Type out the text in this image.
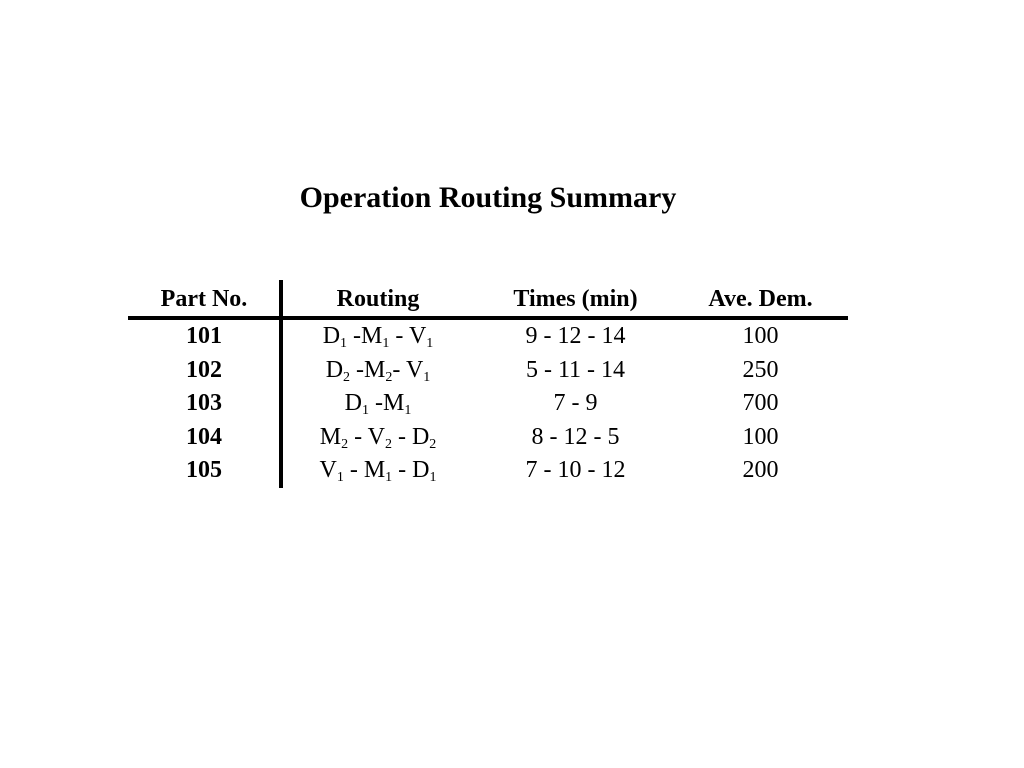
Operation Routing Summary
Part No.	Routing	Times (min)	Ave. Dem.
101	$D_1$ $-M_1 - V_1$	9 - 12 - 14	100
102	$D_2$ $-M_2-$ $V_1$	5 - 11 - 14	250
103	$D_1$ $-M_1$	7 - 9	700
104	$M_2 - V_2 - D_2$	8 - 12 - 5	100
105	$V_1 - M_1 - D_1$	7 - 10 - 12	200
